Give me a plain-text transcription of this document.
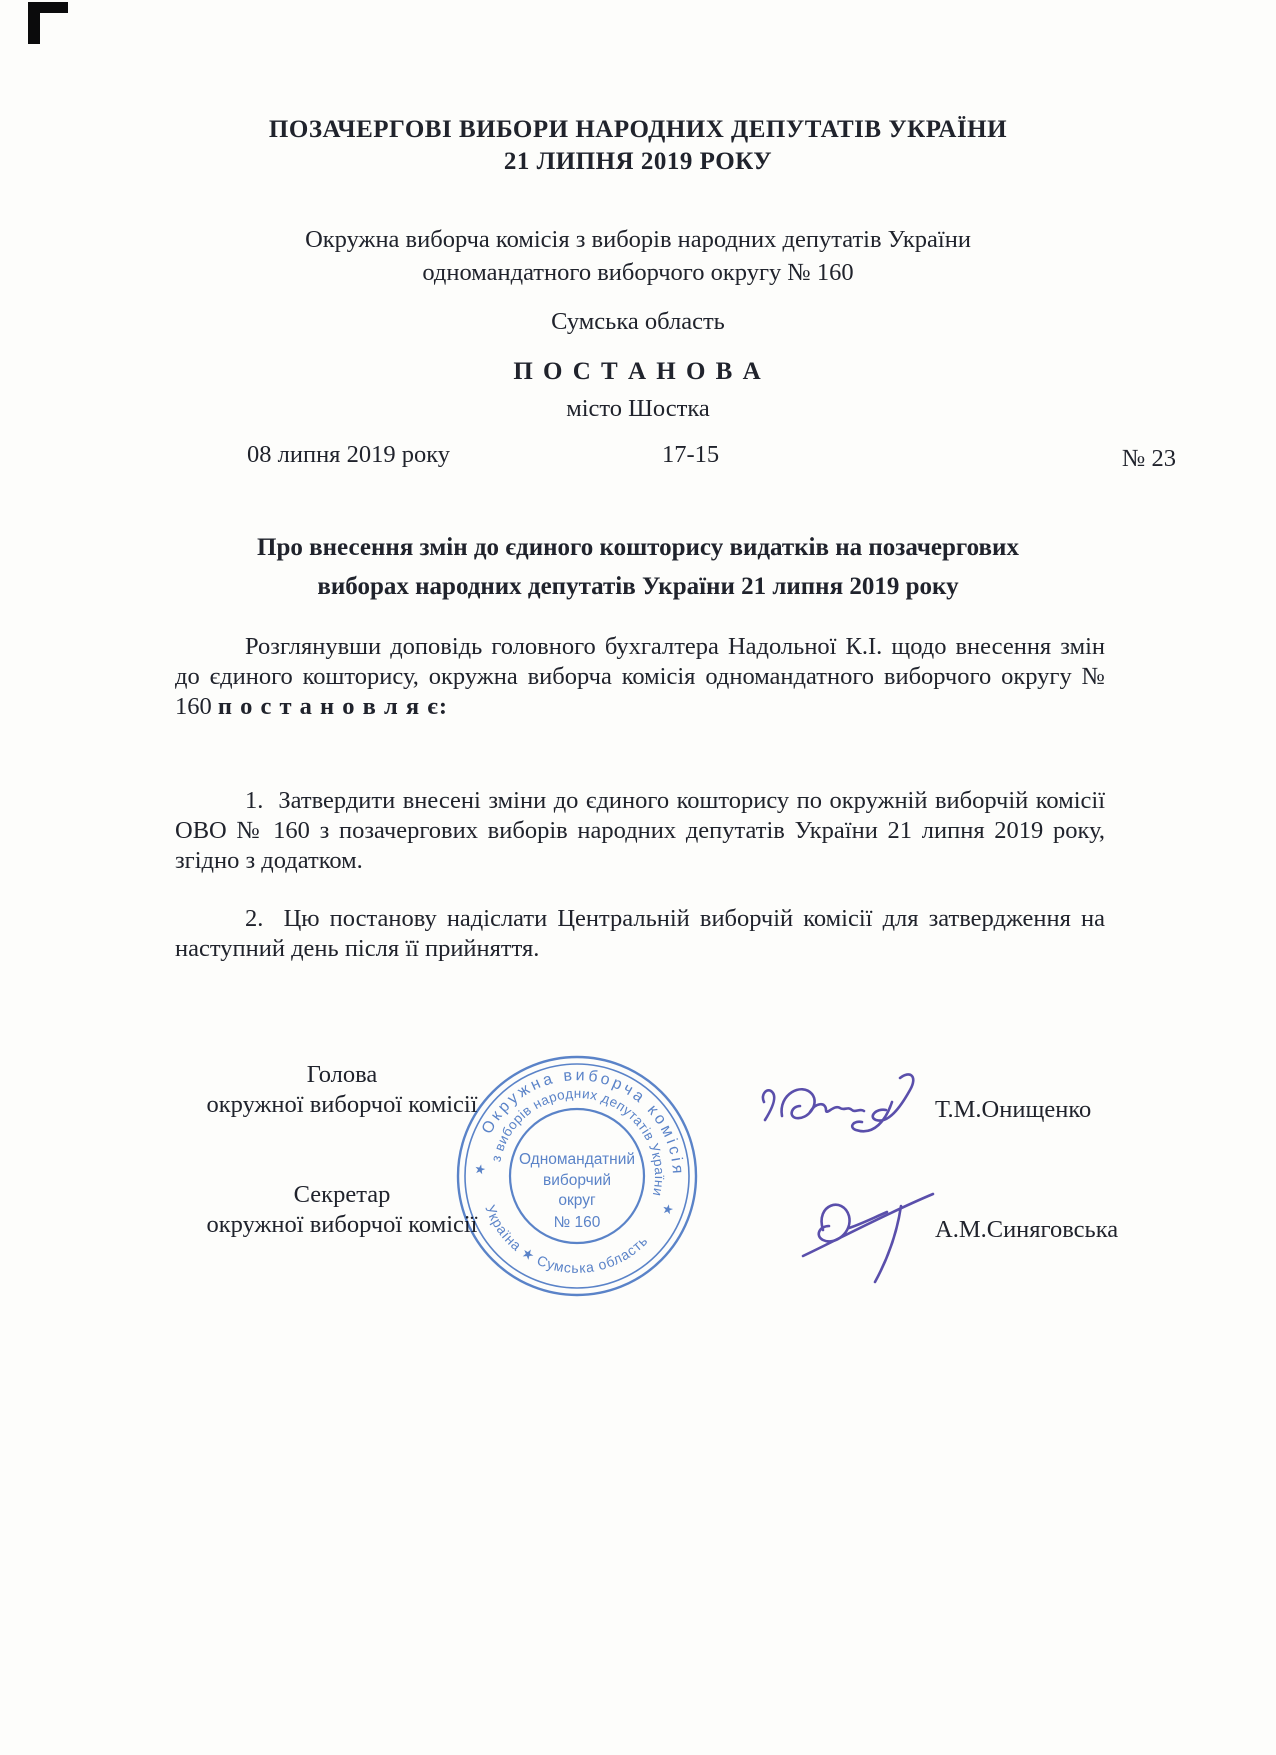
ПОЗАЧЕРГОВІ ВИБОРИ НАРОДНИХ ДЕПУТАТІВ УКРАЇНИ
21 ЛИПНЯ 2019 РОКУ
Окружна виборча комісія з виборів народних депутатів України
одномандатного виборчого округу № 160
Сумська область
П О С Т А Н О В А
місто Шостка
08 липня 2019 року	17-15	№ 23
Про внесення змін до єдиного кошторису видатків на позачергових
виборах народних депутатів України 21 липня 2019 року

Розглянувши доповідь головного бухгалтера Надольної К.І. щодо внесення змін до єдиного кошторису, окружна виборча комісія одномандатного виборчого округу № 160 п о с т а н о в л я є:

1.  Затвердити внесені зміни до єдиного кошторису по окружній виборчій комісії ОВО № 160 з позачергових виборів народних депутатів України 21 липня 2019 року, згідно з додатком.

2.  Цю постанову надіслати Центральній виборчій комісії для затвердження на наступний день після її прийняття.

Голова
окружної виборчої комісії	Т.М.Онищенко
Секретар
окружної виборчої комісії	А.М.Синяговська
Окружна виборча комісія
з виборів народних депутатів України
Україна ★ Сумська область
★
★
Одномандатний
виборчий
округ
№ 160
